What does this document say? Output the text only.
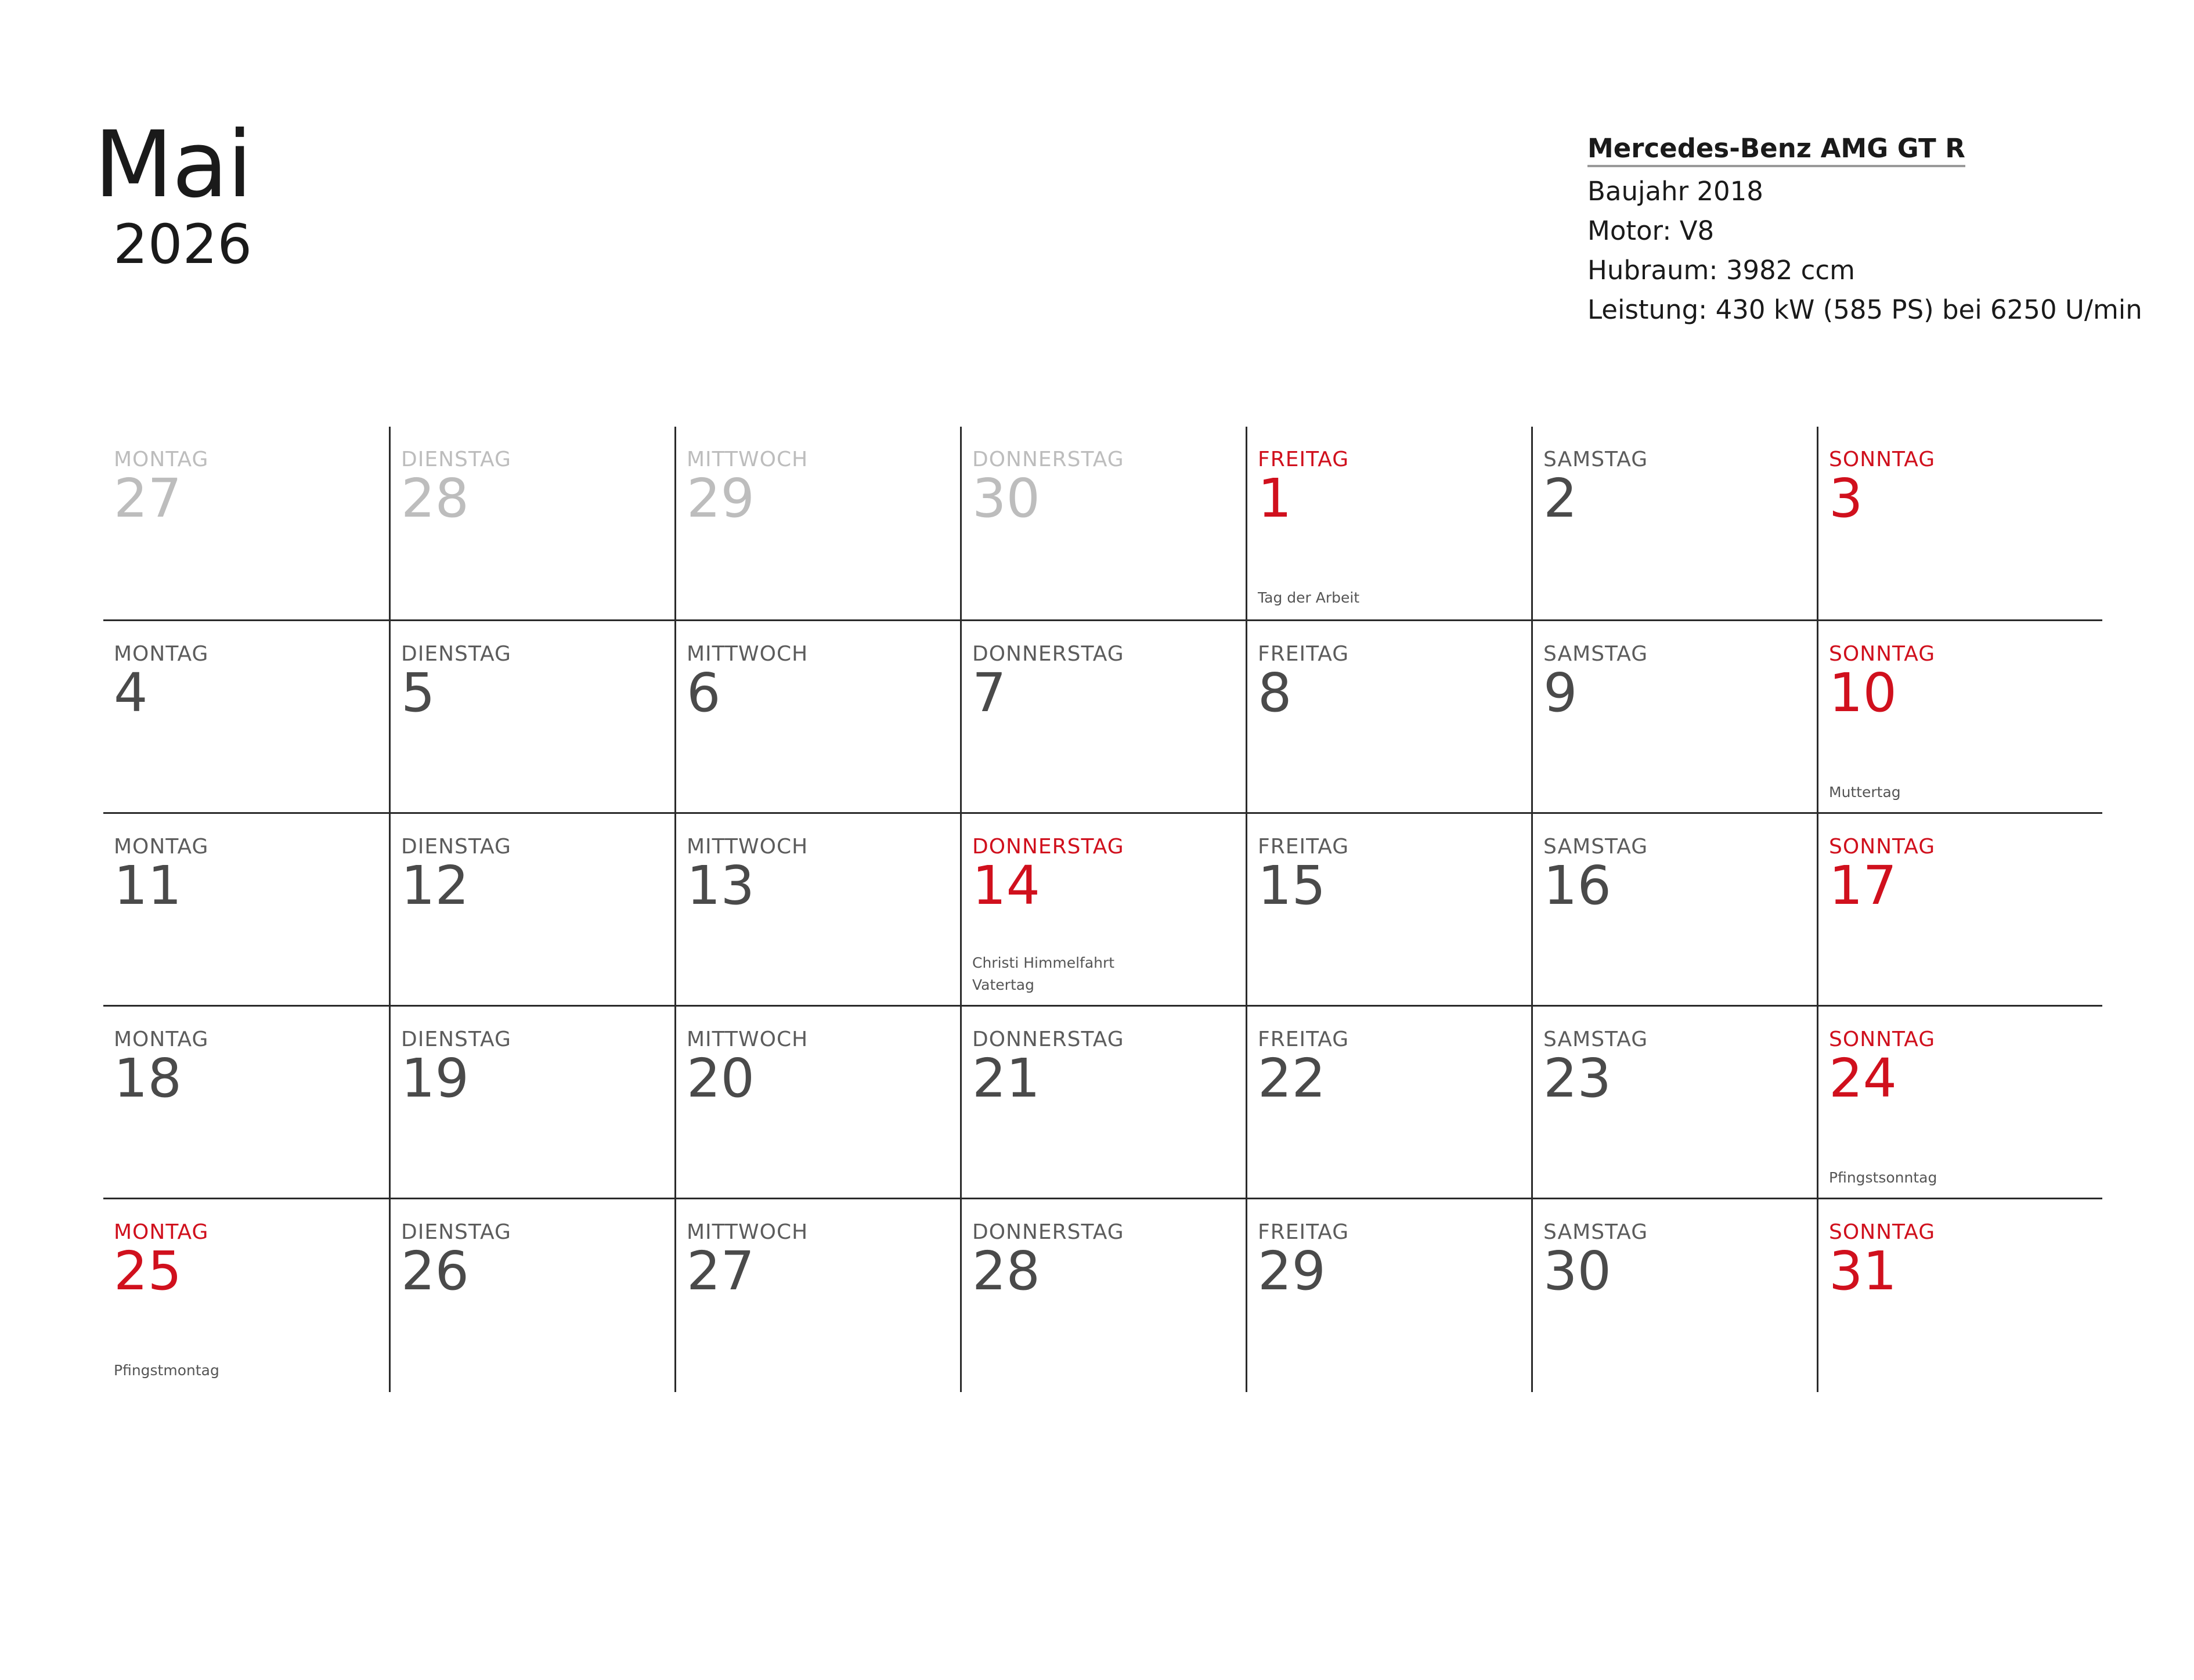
Mai
2026
Mercedes-Benz AMG GT R
Baujahr 2018
Motor: V8
Hubraum: 3982 ccm
Leistung: 430 kW (585 PS) bei 6250 U/min
MONTAG
27
DIENSTAG
28
MITTWOCH
29
DONNERSTAG
30
FREITAG
1
Tag der Arbeit
SAMSTAG
2
SONNTAG
3
MONTAG
4
DIENSTAG
5
MITTWOCH
6
DONNERSTAG
7
FREITAG
8
SAMSTAG
9
SONNTAG
10
Muttertag
MONTAG
11
DIENSTAG
12
MITTWOCH
13
DONNERSTAG
14
Christi Himmelfahrt
Vatertag
FREITAG
15
SAMSTAG
16
SONNTAG
17
MONTAG
18
DIENSTAG
19
MITTWOCH
20
DONNERSTAG
21
FREITAG
22
SAMSTAG
23
SONNTAG
24
Pfingstsonntag
MONTAG
25
Pfingstmontag
DIENSTAG
26
MITTWOCH
27
DONNERSTAG
28
FREITAG
29
SAMSTAG
30
SONNTAG
31
